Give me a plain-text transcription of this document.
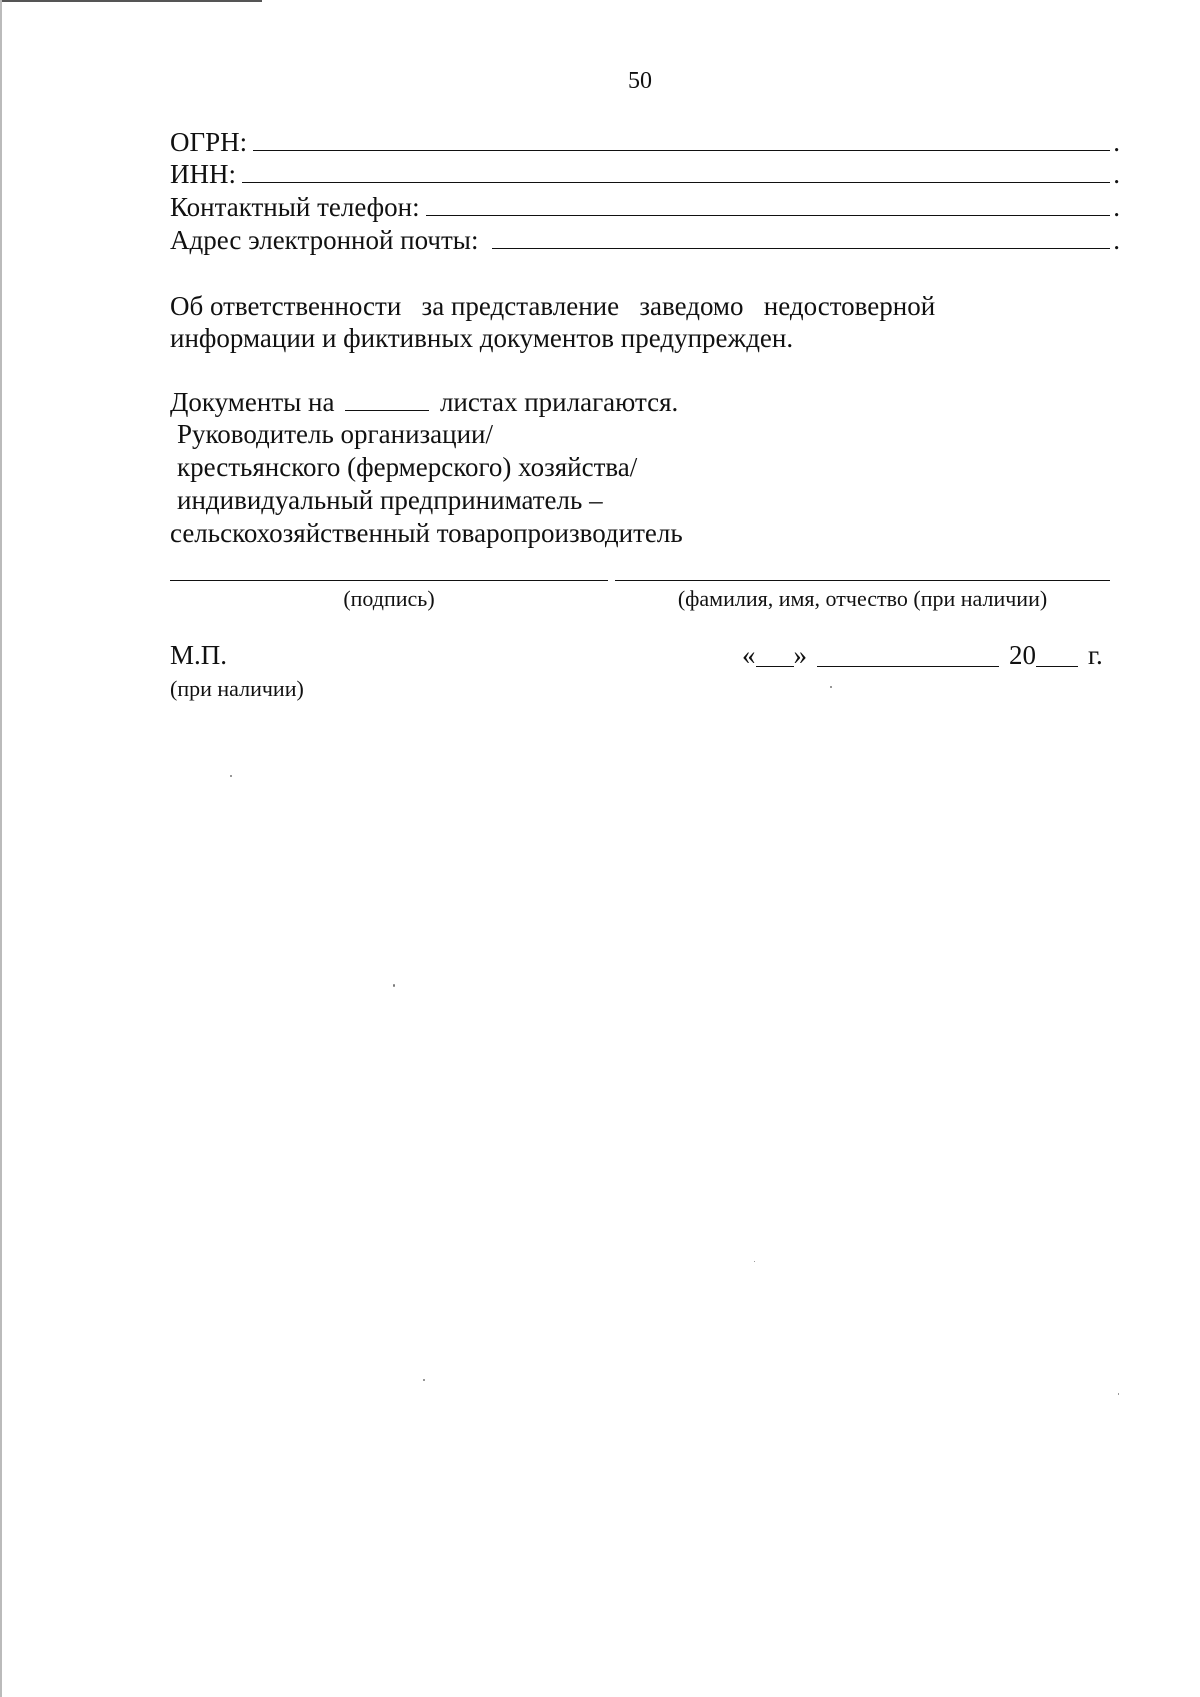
50
ОГРН:	.
ИНН:	.
Контактный телефон:	.
Адрес электронной почты:	.
Об ответственности   за представление   заведомо   недостоверной
информации и фиктивных документов предупрежден.
Документы на	листах прилагаются.
Руководитель организации/
крестьянского (фермерского) хозяйства/
индивидуальный предприниматель –
сельскохозяйственный товаропроизводитель
(подпись)	(фамилия, имя, отчество (при наличии)
М.П.
(при наличии)
« »	20 г.
